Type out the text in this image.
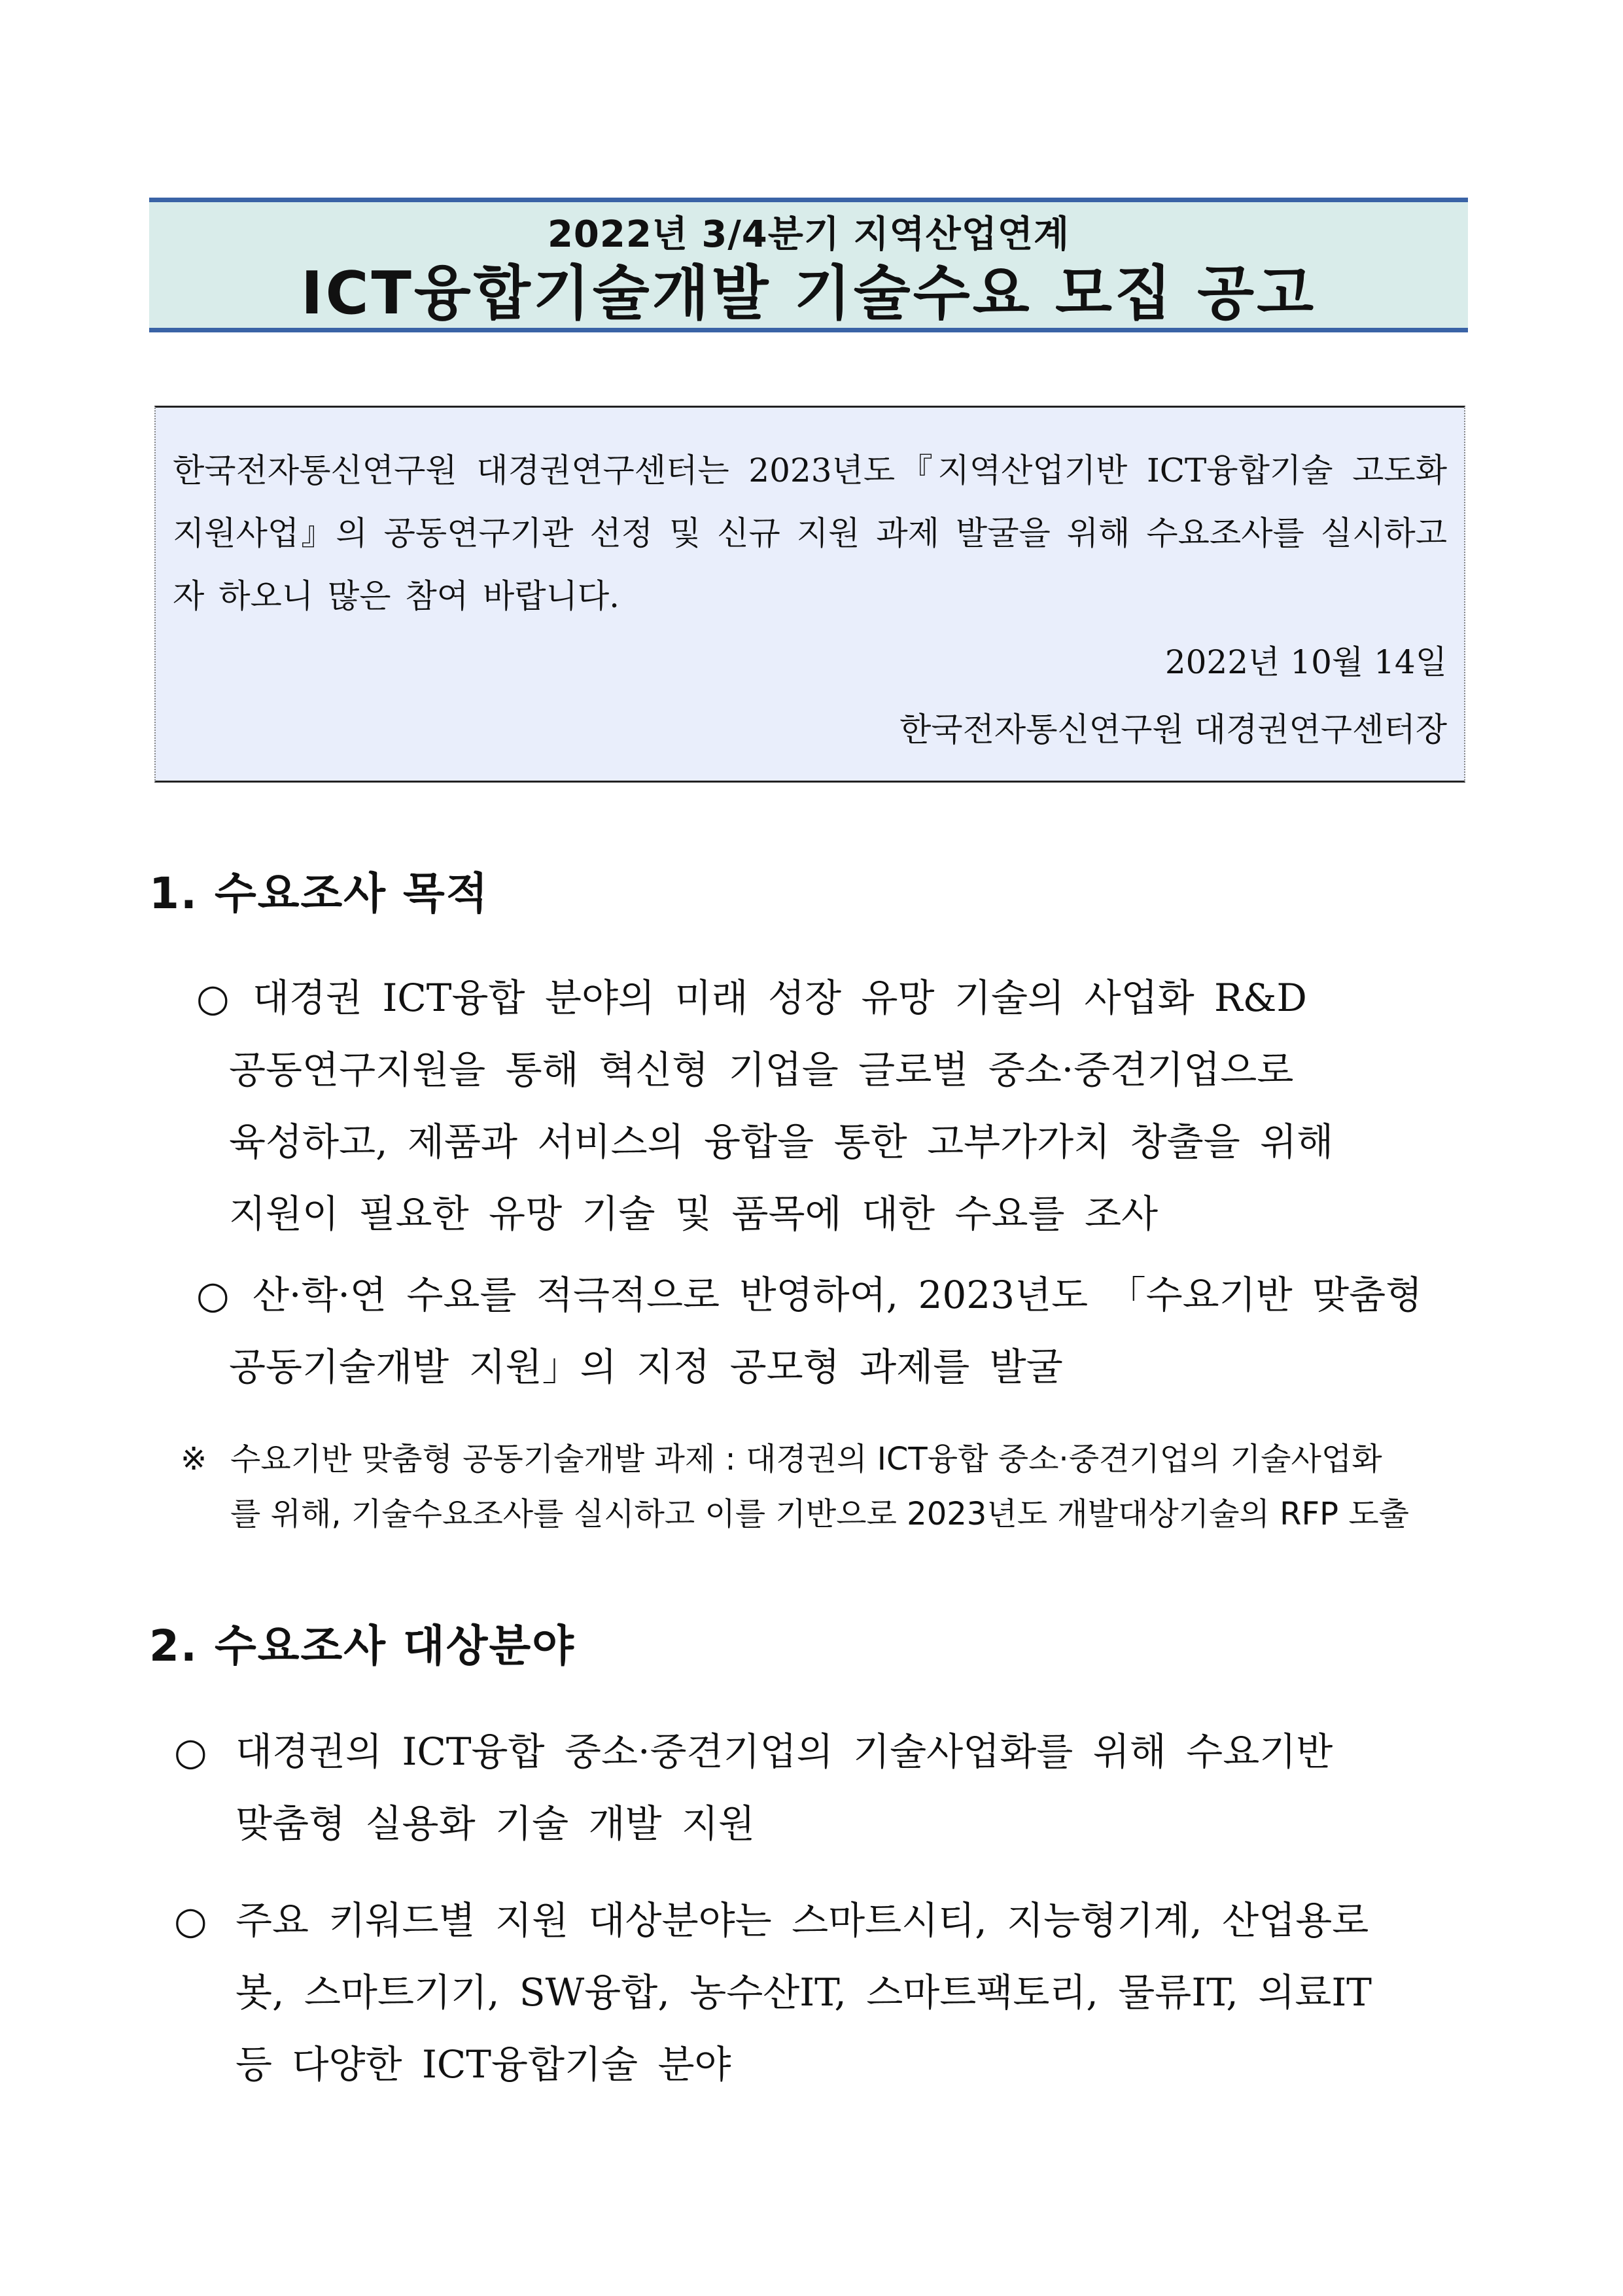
2022년 3/4분기 지역산업연계
ICT융합기술개발 기술수요 모집 공고
한국전자통신연구원 대경권연구센터는 2023년도『지역산업기반 ICT융합기술 고도화 지원사업』의 공동연구기관 선정 및 신규 지원 과제 발굴을 위해 수요조사를 실시하고자 하오니 많은 참여 바랍니다.
2022년 10월 14일
한국전자통신연구원 대경권연구센터장
1. 수요조사 목적
○ 대경권 ICT융합 분야의 미래 성장 유망 기술의 사업화 R&D
공동연구지원을 통해 혁신형 기업을 글로벌 중소·중견기업으로
육성하고, 제품과 서비스의 융합을 통한 고부가가치 창출을 위해
지원이 필요한 유망 기술 및 품목에 대한 수요를 조사
○ 산·학·연 수요를 적극적으로 반영하여, 2023년도 「수요기반 맞춤형
공동기술개발 지원」의 지정 공모형 과제를 발굴
※ 수요기반 맞춤형 공동기술개발 과제 : 대경권의 ICT융합 중소·중견기업의 기술사업화
를 위해, 기술수요조사를 실시하고 이를 기반으로 2023년도 개발대상기술의 RFP 도출
2. 수요조사 대상분야
○ 대경권의 ICT융합 중소·중견기업의 기술사업화를 위해 수요기반
맞춤형 실용화 기술 개발 지원
○ 주요 키워드별 지원 대상분야는 스마트시티, 지능형기계, 산업용로
봇, 스마트기기, SW융합, 농수산IT, 스마트팩토리, 물류IT, 의료IT
등 다양한 ICT융합기술 분야
